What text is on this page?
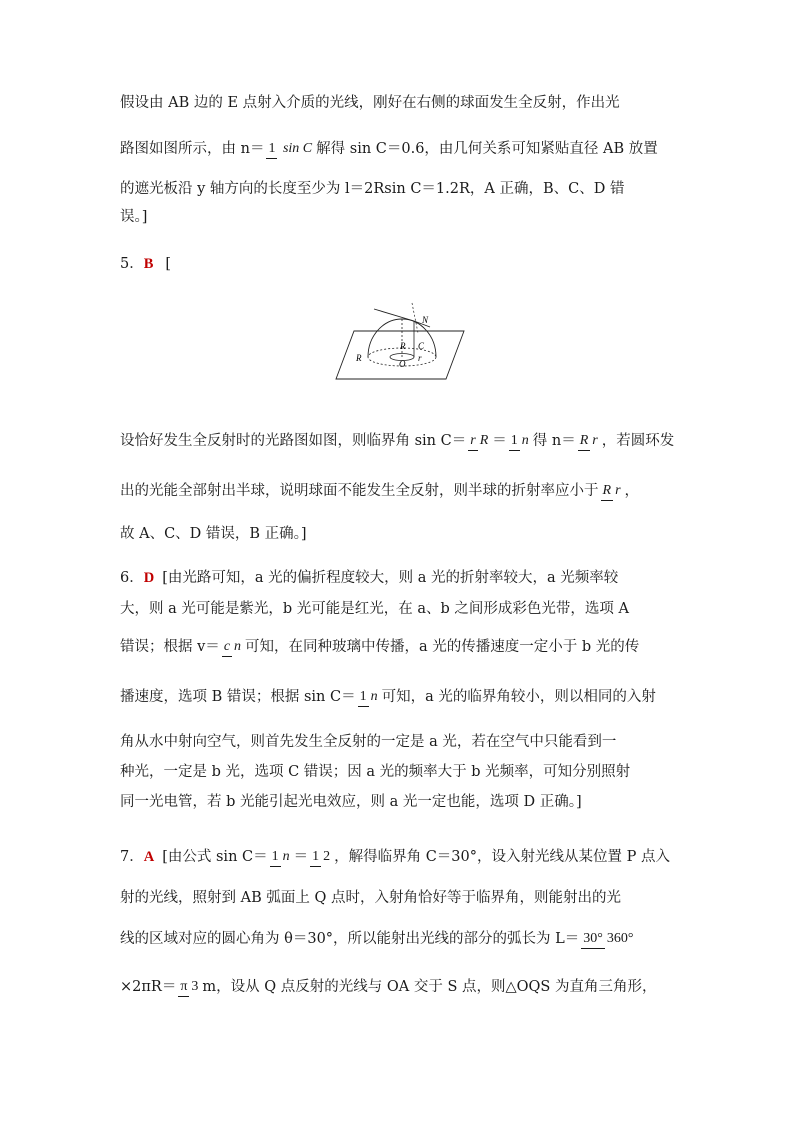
假设由 AB 边的 E 点射入介质的光线，刚好在右侧的球面发生全反射，作出光
路图如图所示，由 n＝ 1 sin C 解得 sin C＝0.6，由几何关系可知紧贴直径 AB 放置
的遮光板沿 y 轴方向的长度至少为 l＝2Rsin C＝1.2R，A 正确，B、C、D 错
误。]
5． B [
N
R C
R
O
r
设恰好发生全反射时的光路图如图，则临界角 sin C＝ r R ＝ 1 n 得 n＝ R r ，若圆环发
出的光能全部射出半球，说明球面不能发生全反射，则半球的折射率应小于 R r ，
故 A、C、D 错误，B 正确。]
6． D [由光路可知，a 光的偏折程度较大，则 a 光的折射率较大，a 光频率较
大，则 a 光可能是紫光，b 光可能是红光，在 a、b 之间形成彩色光带，选项 A
错误；根据 v＝ c n 可知，在同种玻璃中传播，a 光的传播速度一定小于 b 光的传
播速度，选项 B 错误；根据 sin C＝ 1 n 可知，a 光的临界角较小，则以相同的入射
角从水中射向空气，则首先发生全反射的一定是 a 光，若在空气中只能看到一
种光，一定是 b 光，选项 C 错误；因 a 光的频率大于 b 光频率，可知分别照射
同一光电管，若 b 光能引起光电效应，则 a 光一定也能，选项 D 正确。]
7． A [由公式 sin C＝ 1 n ＝ 1 2 ，解得临界角 C＝30°，设入射光线从某位置 P 点入
射的光线，照射到 AB 弧面上 Q 点时，入射角恰好等于临界角，则能射出的光
线的区域对应的圆心角为 θ＝30°，所以能射出光线的部分的弧长为 L＝ 30° 360°
×2πR＝ π 3 m，设从 Q 点反射的光线与 OA 交于 S 点，则△OQS 为直角三角形，
